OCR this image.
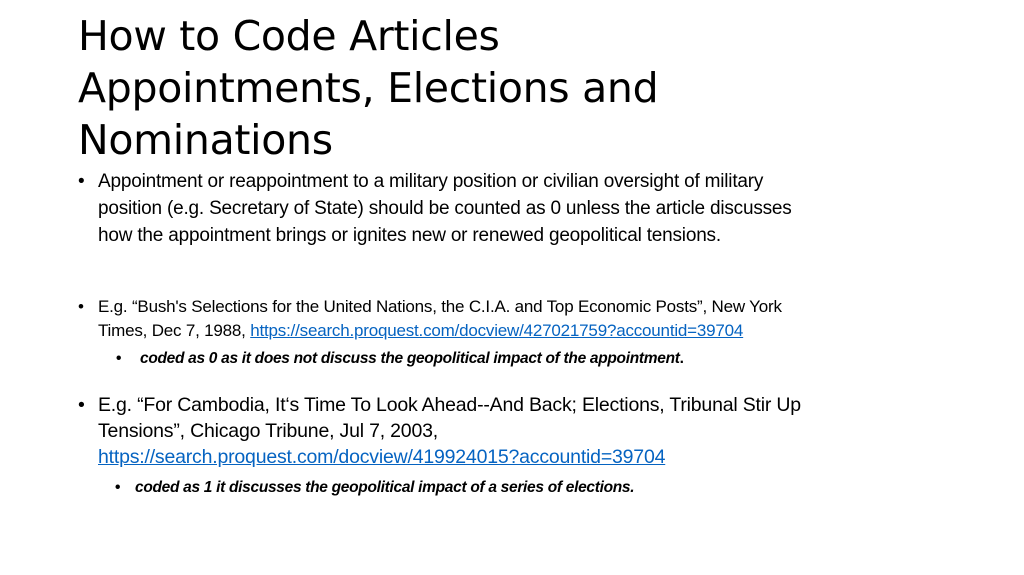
How to Code Articles
Appointments, Elections and
Nominations

• Appointment or reappointment to a military position or civilian oversight of military
position (e.g. Secretary of State) should be counted as 0 unless the article discusses
how the appointment brings or ignites new or renewed geopolitical tensions.

• E.g. “Bush's Selections for the United Nations, the C.I.A. and Top Economic Posts”, New York
Times, Dec 7, 1988, https://search.proquest.com/docview/427021759?accountid=39704

• coded as 0 as it does not discuss the geopolitical impact of the appointment.

• E.g. “For Cambodia, It‘s Time To Look Ahead--And Back; Elections, Tribunal Stir Up
Tensions”, Chicago Tribune, Jul 7, 2003,
https://search.proquest.com/docview/419924015?accountid=39704

• coded as 1 it discusses the geopolitical impact of a series of elections.
